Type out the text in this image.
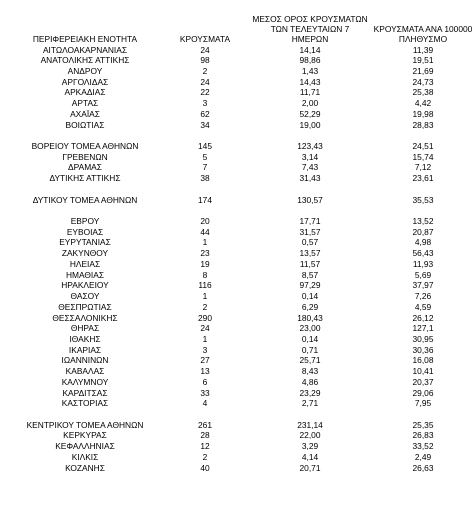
ΠΕΡΙΦΕΡΕΙΑΚΗ ΕΝΟΤΗΤΑ	ΚΡΟΥΣΜΑΤΑ
ΜΕΣΟΣ ΟΡΟΣ ΚΡΟΥΣΜΑΤΩΝ
ΤΩΝ ΤΕΛΕΥΤΑΙΩΝ 7
ΗΜΕΡΩΝ
ΚΡΟΥΣΜΑΤΑ ΑΝΑ 100000
ΠΛΗΘΥΣΜΟ
ΑΙΤΩΛΟΑΚΑΡΝΑΝΙΑΣ	24	14,14	11,39
ΑΝΑΤΟΛΙΚΗΣ ΑΤΤΙΚΗΣ	98	98,86	19,51
ΑΝΔΡΟΥ	2	1,43	21,69
ΑΡΓΟΛΙΔΑΣ	24	14,43	24,73
ΑΡΚΑΔΙΑΣ	22	11,71	25,38
ΑΡΤΑΣ	3	2,00	4,42
ΑΧΑΪΑΣ	62	52,29	19,98
ΒΟΙΩΤΙΑΣ	34	19,00	28,83
ΒΟΡΕΙΟΥ ΤΟΜΕΑ ΑΘΗΝΩΝ	145	123,43	24,51
ΓΡΕΒΕΝΩΝ	5	3,14	15,74
ΔΡΑΜΑΣ	7	7,43	7,12
ΔΥΤΙΚΗΣ ΑΤΤΙΚΗΣ	38	31,43	23,61
ΔΥΤΙΚΟΥ ΤΟΜΕΑ ΑΘΗΝΩΝ	174	130,57	35,53
ΕΒΡΟΥ	20	17,71	13,52
ΕΥΒΟΙΑΣ	44	31,57	20,87
ΕΥΡΥΤΑΝΙΑΣ	1	0,57	4,98
ΖΑΚΥΝΘΟΥ	23	13,57	56,43
ΗΛΕΙΑΣ	19	11,57	11,93
ΗΜΑΘΙΑΣ	8	8,57	5,69
ΗΡΑΚΛΕΙΟΥ	116	97,29	37,97
ΘΑΣΟΥ	1	0,14	7,26
ΘΕΣΠΡΩΤΙΑΣ	2	6,29	4,59
ΘΕΣΣΑΛΟΝΙΚΗΣ	290	180,43	26,12
ΘΗΡΑΣ	24	23,00	127,1
ΙΘΑΚΗΣ	1	0,14	30,95
ΙΚΑΡΙΑΣ	3	0,71	30,36
ΙΩΑΝΝΙΝΩΝ	27	25,71	16,08
ΚΑΒΑΛΑΣ	13	8,43	10,41
ΚΑΛΥΜΝΟΥ	6	4,86	20,37
ΚΑΡΔΙΤΣΑΣ	33	23,29	29,06
ΚΑΣΤΟΡΙΑΣ	4	2,71	7,95
ΚΕΝΤΡΙΚΟΥ ΤΟΜΕΑ ΑΘΗΝΩΝ	261	231,14	25,35
ΚΕΡΚΥΡΑΣ	28	22,00	26,83
ΚΕΦΑΛΛΗΝΙΑΣ	12	3,29	33,52
ΚΙΛΚΙΣ	2	4,14	2,49
ΚΟΖΑΝΗΣ	40	20,71	26,63
